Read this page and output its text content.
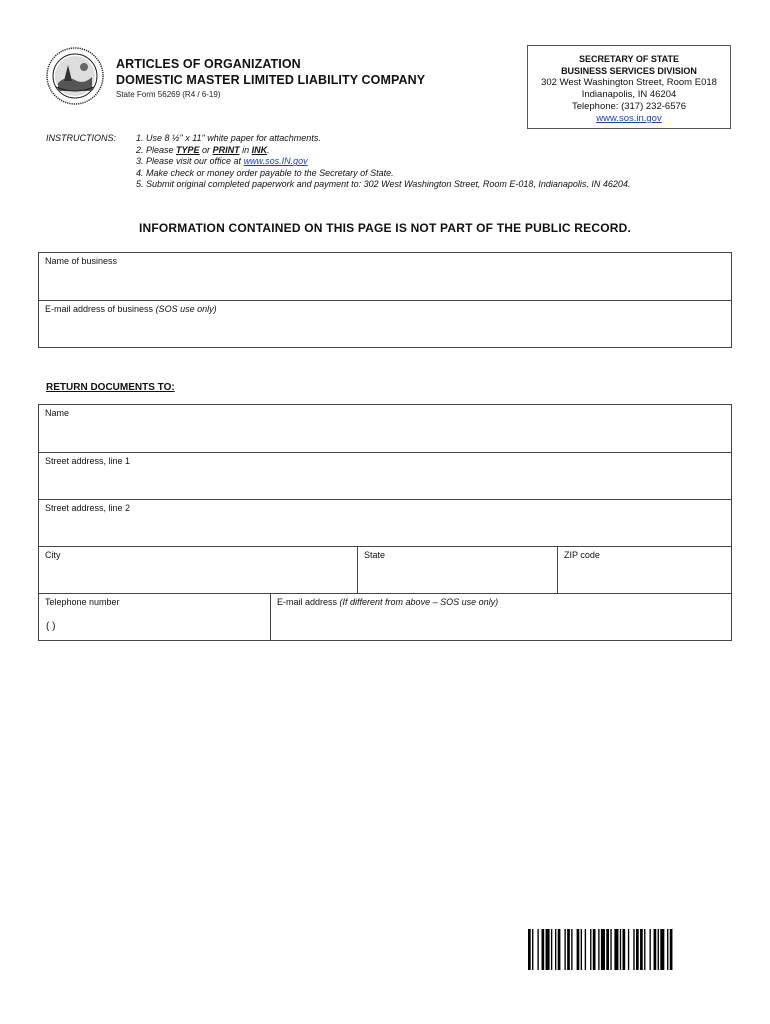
ARTICLES OF ORGANIZATION
DOMESTIC MASTER LIMITED LIABILITY COMPANY
State Form 56269 (R4 / 6-19)
SECRETARY OF STATE
BUSINESS SERVICES DIVISION
302 West Washington Street, Room E018
Indianapolis, IN 46204
Telephone: (317) 232-6576
www.sos.in.gov
INSTRUCTIONS: 1. Use 8 ½" x 11" white paper for attachments.
2. Please TYPE or PRINT in INK.
3. Please visit our office at www.sos.IN.gov
4. Make check or money order payable to the Secretary of State.
5. Submit original completed paperwork and payment to: 302 West Washington Street, Room E-018, Indianapolis, IN 46204.
INFORMATION CONTAINED ON THIS PAGE IS NOT PART OF THE PUBLIC RECORD.
Name of business
E-mail address of business (SOS use only)
RETURN DOCUMENTS TO:
Name
Street address, line 1
Street address, line 2
City	State	ZIP code
Telephone number
( )
E-mail address (If different from above – SOS use only)
